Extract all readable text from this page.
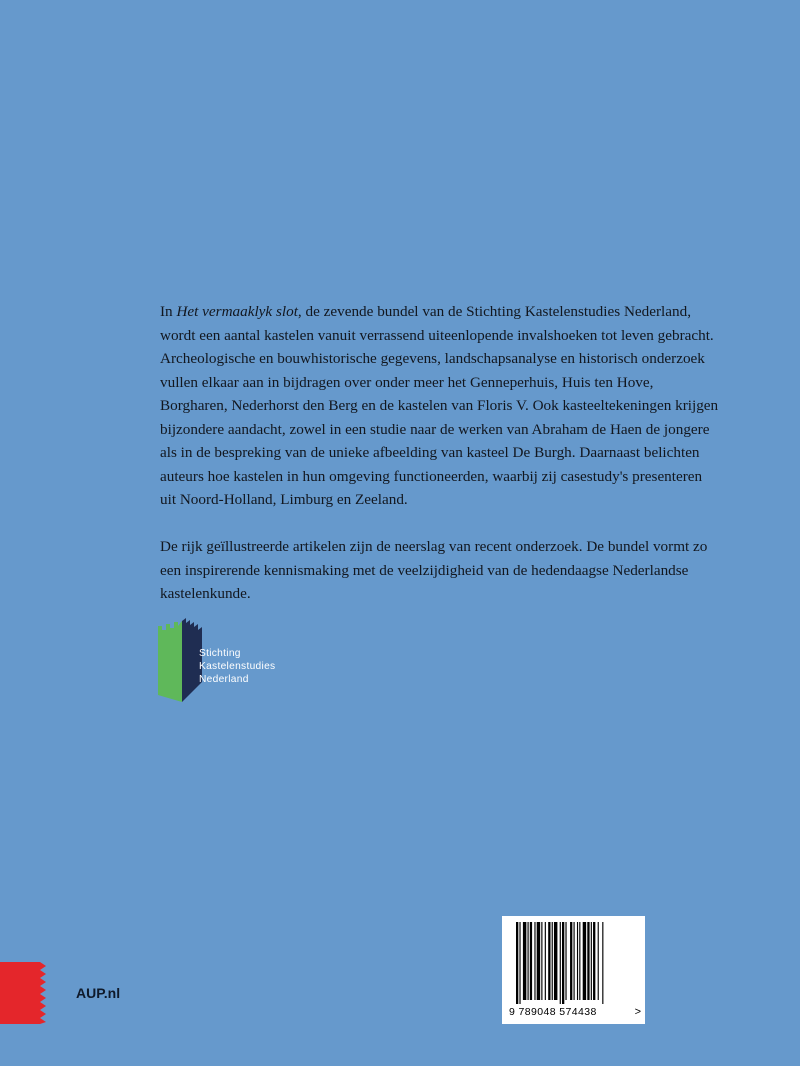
In Het vermaaklyk slot, de zevende bundel van de Stichting Kastelenstudies Nederland, wordt een aantal kastelen vanuit verrassend uiteenlopende invalshoeken tot leven gebracht. Archeologische en bouwhistorische gegevens, landschapsanalyse en historisch onderzoek vullen elkaar aan in bijdragen over onder meer het Genneperhuis, Huis ten Hove, Borgharen, Nederhorst den Berg en de kastelen van Floris V. Ook kasteeltekeningen krijgen bijzondere aandacht, zowel in een studie naar de werken van Abraham de Haen de jongere als in de bespreking van de unieke afbeelding van kasteel De Burgh. Daarnaast belichten auteurs hoe kastelen in hun omgeving functioneerden, waarbij zij casestudy's presenteren uit Noord-Holland, Limburg en Zeeland.

De rijk geïllustreerde artikelen zijn de neerslag van recent onderzoek. De bundel vormt zo een inspirerende kennismaking met de veelzijdigheid van de hedendaagse Nederlandse kastelenkunde.

Stichting
Kastelenstudies
Nederland
AUP.nl
9 789048 574438	>
